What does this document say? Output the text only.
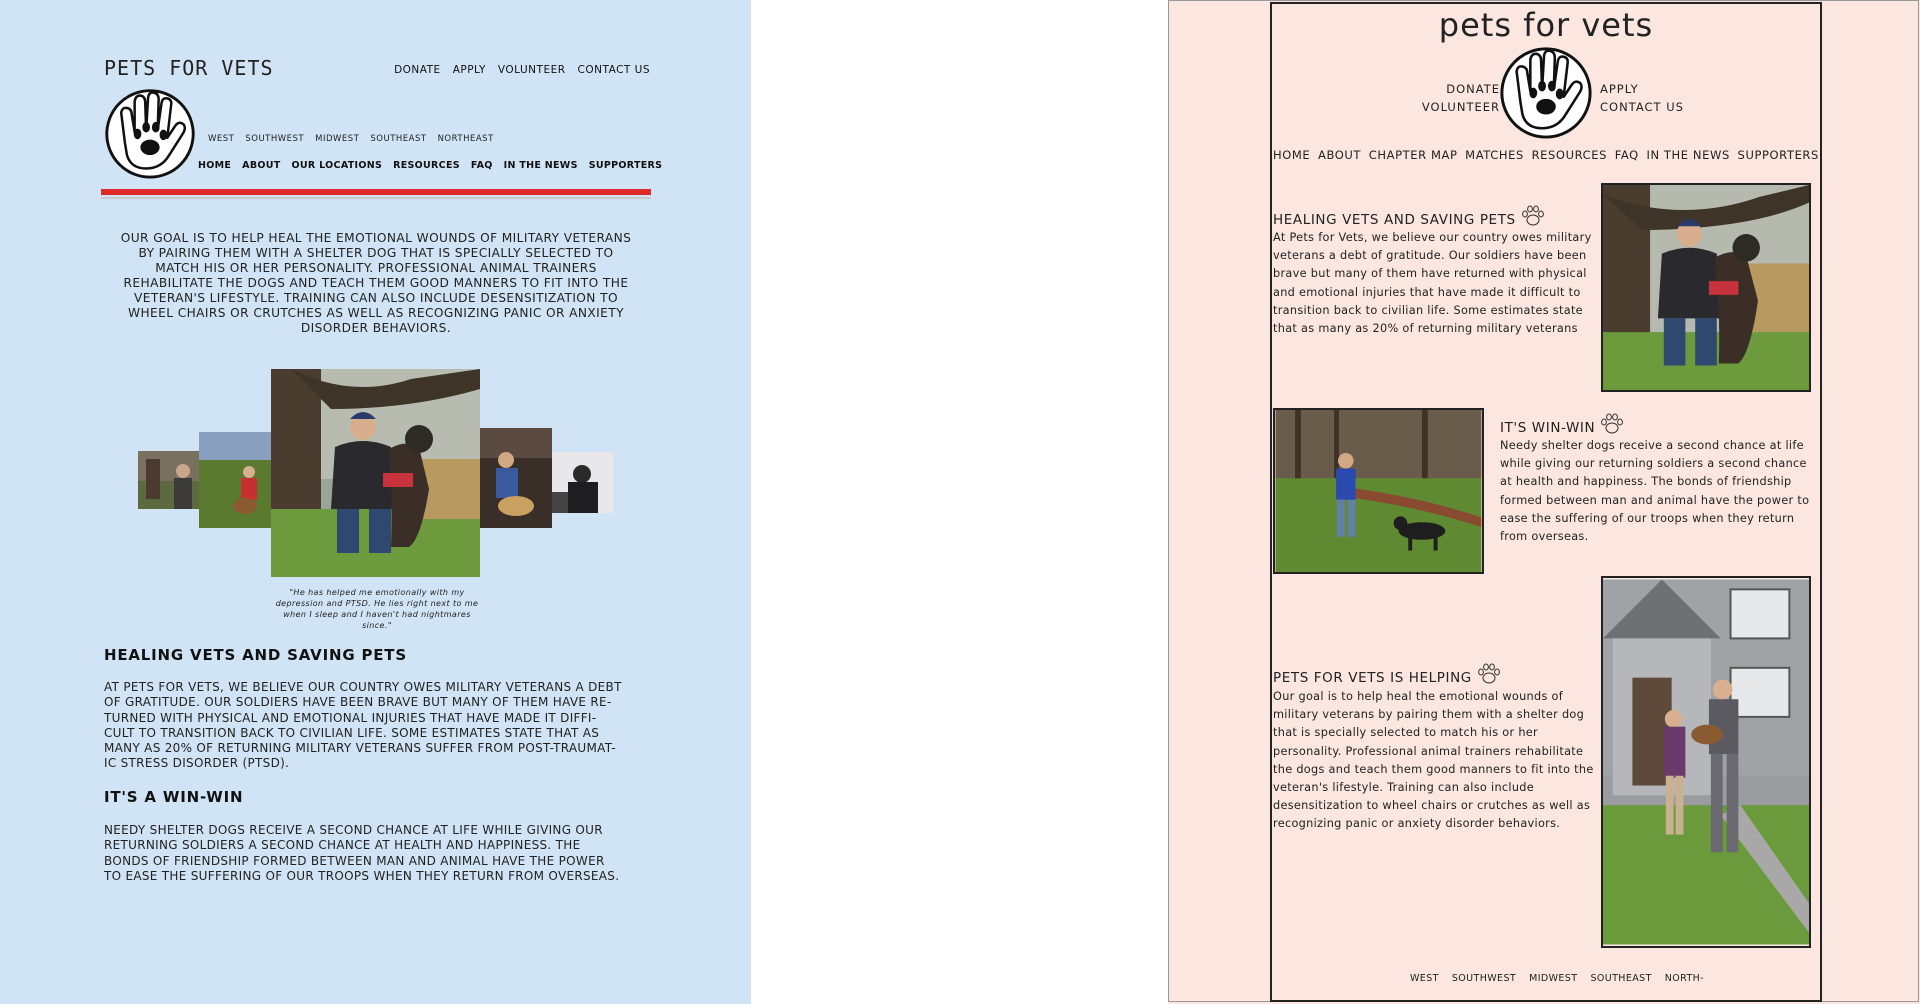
PETS FOR VETS	DONATE APPLY VOLUNTEER CONTACT US
WEST SOUTHWEST MIDWEST SOUTHEAST NORTHEAST
HOME ABOUT OUR LOCATIONS RESOURCES FAQ IN THE NEWS SUPPORTERS
OUR GOAL IS TO HELP HEAL THE EMOTIONAL WOUNDS OF MILITARY VETERANS BY PAIRING THEM WITH A SHELTER DOG THAT IS SPECIALLY SELECTED TO MATCH HIS OR HER PERSONALITY. PROFESSIONAL ANIMAL TRAINERS REHABILITATE THE DOGS AND TEACH THEM GOOD MANNERS TO FIT INTO THE VETERAN'S LIFESTYLE. TRAINING CAN ALSO INCLUDE DESENSITIZATION TO WHEEL CHAIRS OR CRUTCHES AS WELL AS RECOGNIZING PANIC OR ANXIETY DISORDER BEHAVIORS.
"He has helped me emotionally with my depression and PTSD. He lies right next to me when I sleep and I haven't had nightmares since."
HEALING VETS AND SAVING PETS
AT PETS FOR VETS, WE BELIEVE OUR COUNTRY OWES MILITARY VETERANS A DEBT OF GRATITUDE. OUR SOLDIERS HAVE BEEN BRAVE BUT MANY OF THEM HAVE RE-TURNED WITH PHYSICAL AND EMOTIONAL INJURIES THAT HAVE MADE IT DIFFI-CULT TO TRANSITION BACK TO CIVILIAN LIFE. SOME ESTIMATES STATE THAT AS MANY AS 20% OF RETURNING MILITARY VETERANS SUFFER FROM POST-TRAUMAT-IC STRESS DISORDER (PTSD).
IT'S A WIN-WIN
NEEDY SHELTER DOGS RECEIVE A SECOND CHANCE AT LIFE WHILE GIVING OUR RETURNING SOLDIERS A SECOND CHANCE AT HEALTH AND HAPPINESS. THE BONDS OF FRIENDSHIP FORMED BETWEEN MAN AND ANIMAL HAVE THE POWER TO EASE THE SUFFERING OF OUR TROOPS WHEN THEY RETURN FROM OVERSEAS.
pets for vets
DONATE
VOLUNTEER
APPLY
CONTACT US
HOME ABOUT CHAPTER MAP MATCHES RESOURCES FAQ IN THE NEWS SUPPORTERS
HEALING VETS AND SAVING PETS
At Pets for Vets, we believe our country owes military veterans a debt of gratitude. Our soldiers have been brave but many of them have returned with physical and emotional injuries that have made it difficult to transition back to civilian life. Some estimates state that as many as 20% of returning military veterans
IT'S WIN-WIN
Needy shelter dogs receive a second chance at life while giving our returning soldiers a second chance at health and happiness. The bonds of friendship formed between man and animal have the power to ease the suffering of our troops when they return from overseas.
PETS FOR VETS IS HELPING
Our goal is to help heal the emotional wounds of military veterans by pairing them with a shelter dog that is specially selected to match his or her personality. Professional animal trainers rehabilitate the dogs and teach them good manners to fit into the veteran's lifestyle. Training can also include desensitization to wheel chairs or crutches as well as recognizing panic or anxiety disorder behaviors.
WEST SOUTHWEST MIDWEST SOUTHEAST NORTH-
